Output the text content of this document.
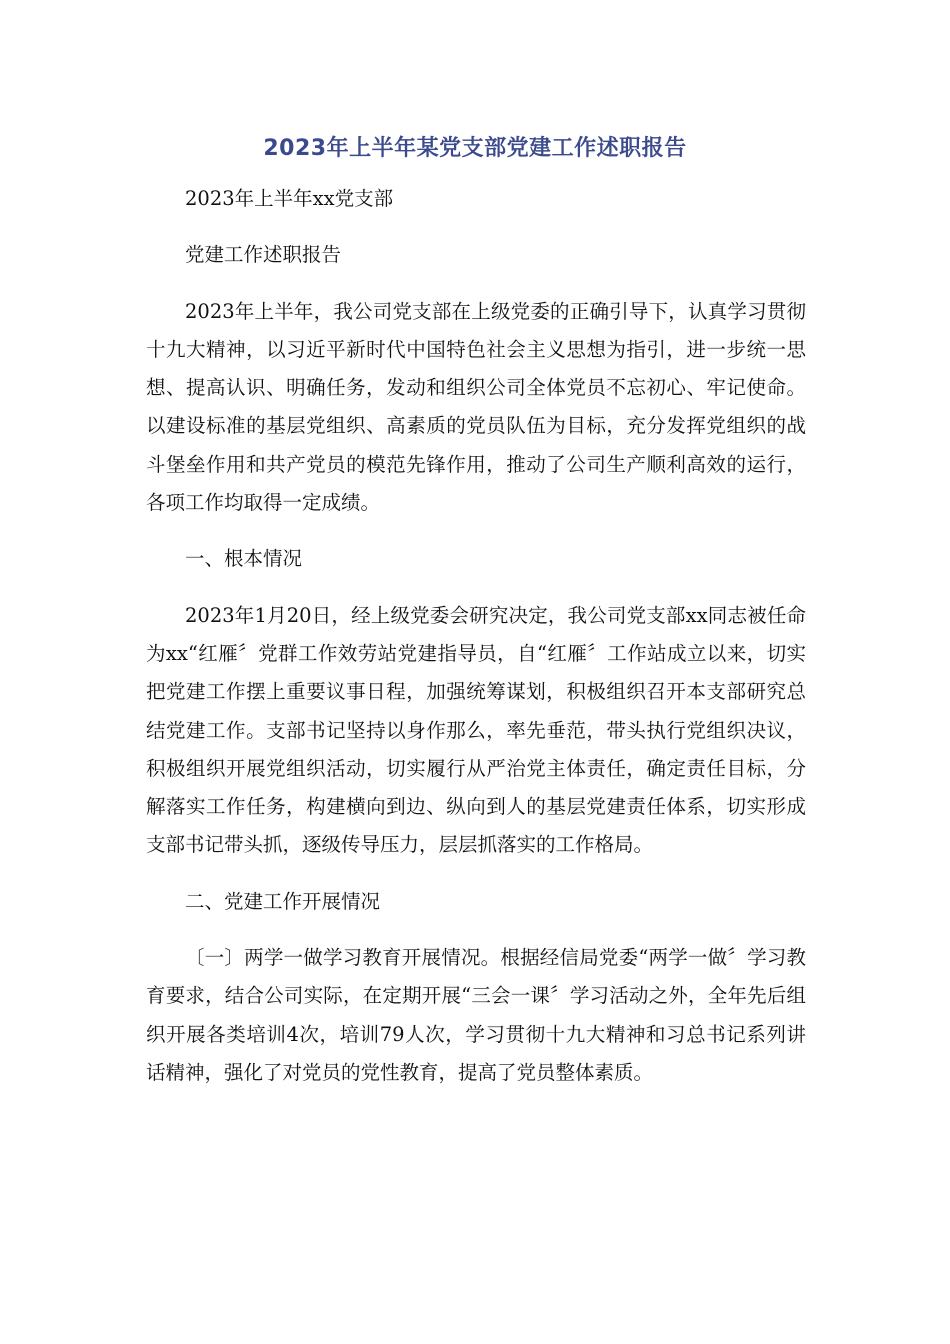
2023年上半年某党支部党建工作述职报告

2023年上半年xx党支部

党建工作述职报告

2023年上半年，我公司党支部在上级党委的正确引导下，认真学习贯彻十九大精神，以习近平新时代中国特色社会主义思想为指引，进一步统一思想、提高认识、明确任务，发动和组织公司全体党员不忘初心、牢记使命。以建设标准的基层党组织、高素质的党员队伍为目标，充分发挥党组织的战斗堡垒作用和共产党员的模范先锋作用，推动了公司生产顺利高效的运行，各项工作均取得一定成绩。

一、根本情况

2023年1月20日，经上级党委会研究决定，我公司党支部xx同志被任命为xx“红雁〞党群工作效劳站党建指导员，自“红雁〞工作站成立以来，切实把党建工作摆上重要议事日程，加强统筹谋划，积极组织召开本支部研究总结党建工作。支部书记坚持以身作那么，率先垂范，带头执行党组织决议，积极组织开展党组织活动，切实履行从严治党主体责任，确定责任目标，分解落实工作任务，构建横向到边、纵向到人的基层党建责任体系，切实形成支部书记带头抓，逐级传导压力，层层抓落实的工作格局。

二、党建工作开展情况

〔一〕两学一做学习教育开展情况。根据经信局党委“两学一做〞学习教育要求，结合公司实际，在定期开展“三会一课〞学习活动之外，全年先后组织开展各类培训4次，培训79人次，学习贯彻十九大精神和习总书记系列讲话精神，强化了对党员的党性教育，提高了党员整体素质。
